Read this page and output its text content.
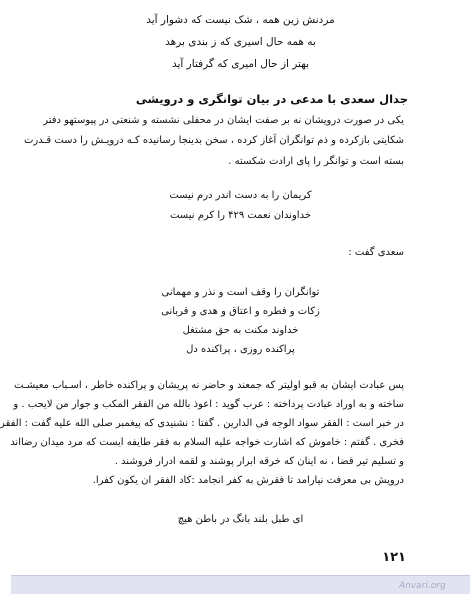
مردنش زین همه ، شک نیست که دشوار آید
به همه حال اسیری که ز بندی برهد
بهتر از حال امیری که گرفتار آید
جدال سعدی با مدعی در بیان توانگری و درویشی
یکی در صورت درویشان نه بر صفت ایشان در محفلی نشسته و شنعتی در پیوستهو دفتر
شکایتی بازکرده و ذم توانگران آغاز کرده ، سخن بدینجا رسانیده کـه درویـش را دست قـدرت
بسته است و توانگر را پای ارادت شکسته .
کریمان را به دست اندر درم نیست
خداوندان نعمت ۴۲۹ را کرم نیست
سعدی گفت :
توانگران را وقف است و نذر و مهمانی
زکات و فطره و اعتاق و هدی و قربانی
خداوند مکنت به حق مشتغل
پراکنده روزی ، پراکنده دل
پس عبادت ایشان به قبو اولیتر که جمعند و حاضر نه پریشان و پراکنده خاطر ، اسـباب معیشـت
ساخته و به اوراد عبادت پرداخته : عرب گوید : اعوذ بالله من الفقر المکب و جوار من لایحب . و
در خبر است : الفقر سواد الوجه فی الدارین . گفتا : نشنیدی که پیغمبر صلی الله علیه گفت : الفقر
فخری . گفتم : خاموش که اشارت خواجه علیه السلام به فقر طایفه ایست که مرد میدان رضااند
و تسلیم تیر قضا ، نه اینان که خرقه ابرار پوشند و لقمه ادرار فروشند .
درویش بی معرفت نیارامد تا فقرش به کفر انجامد :کاد الفقر ان یکون کفرا.
ای طبل بلند بانگ در باطن هیچ
۱۲۱
Anvari.org
